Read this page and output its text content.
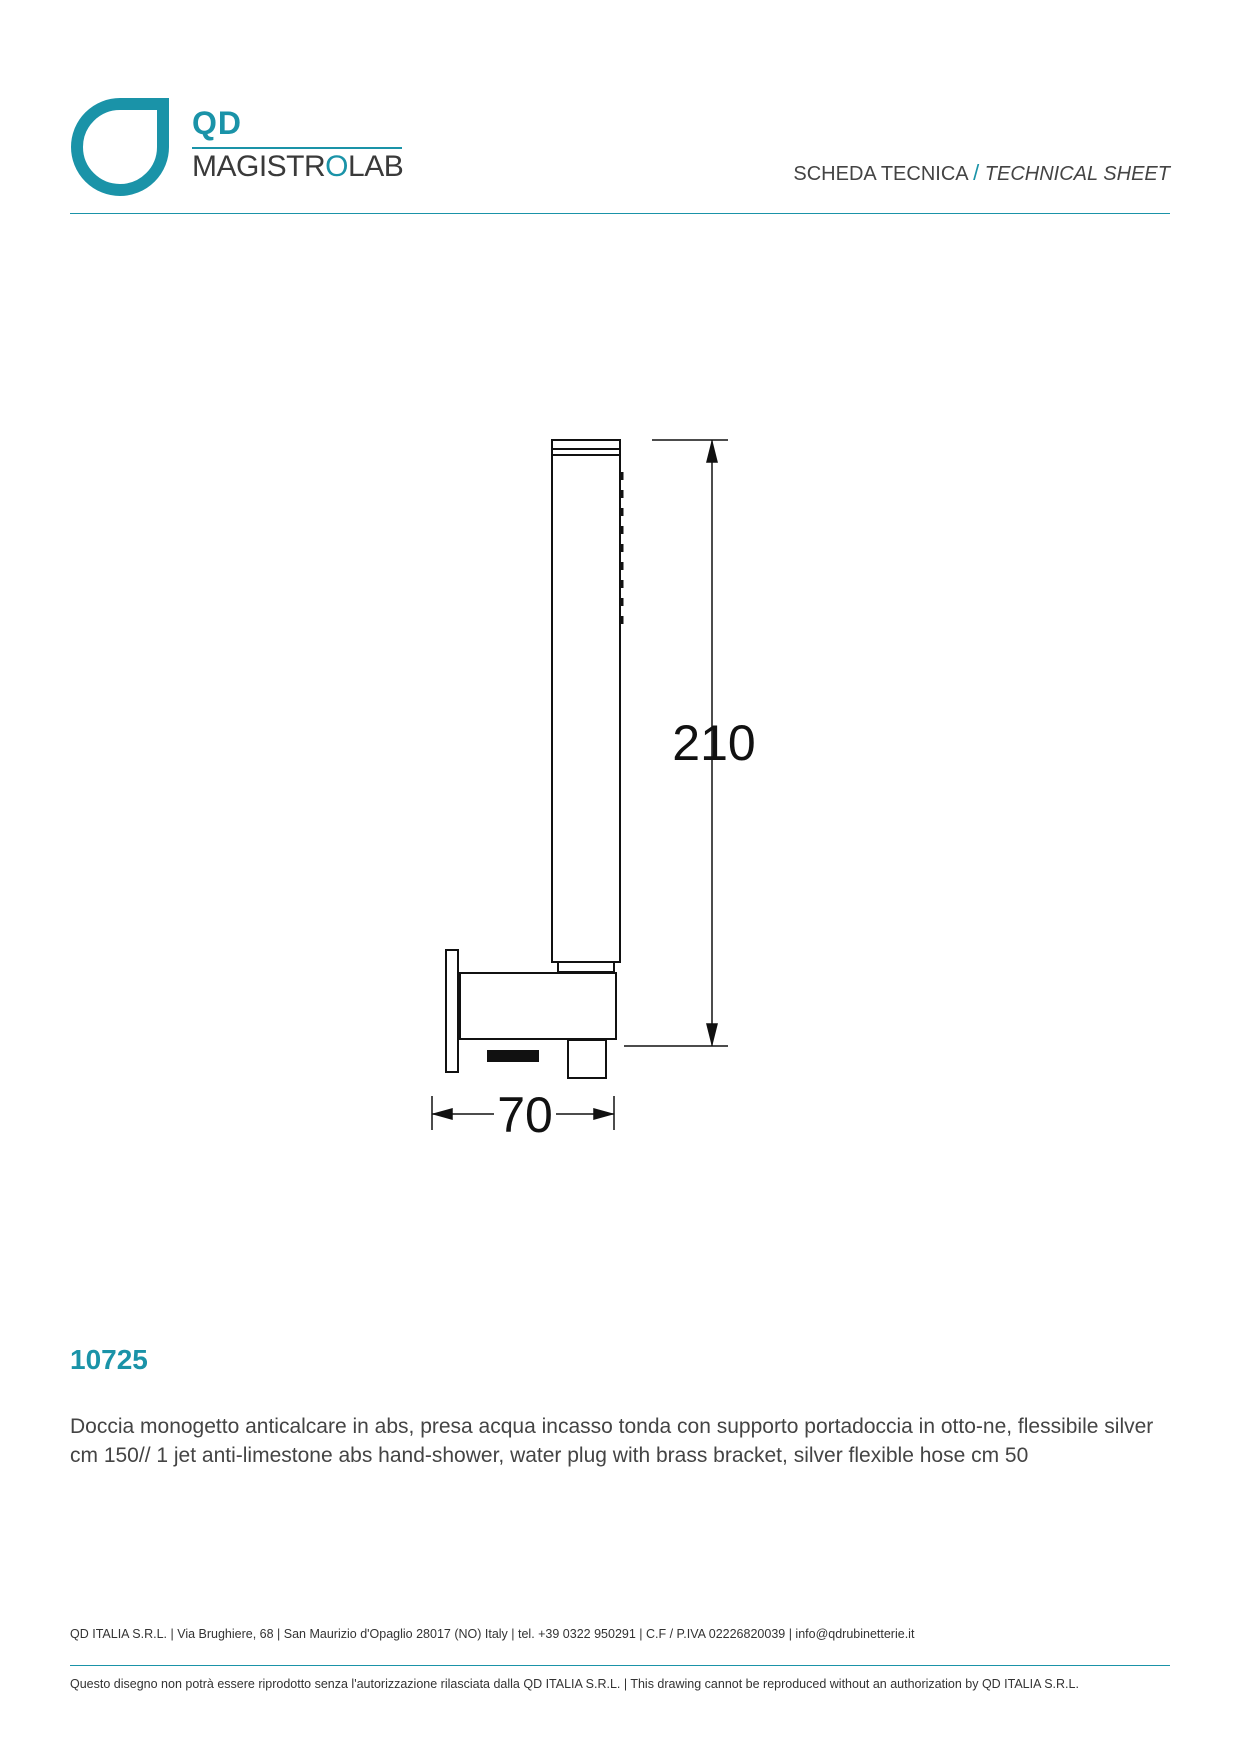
QD
MAGISTROLAB	SCHEDA TECNICA / TECHNICAL SHEET
210
70
10725
Doccia monogetto anticalcare in abs, presa acqua incasso tonda con supporto portadoccia in otto-ne, flessibile silver cm 150// 1 jet anti-limestone abs hand-shower, water plug with brass bracket, silver flexible hose cm 50
QD ITALIA S.R.L. | Via Brughiere, 68 | San Maurizio d'Opaglio 28017 (NO) Italy | tel. +39 0322 950291 | C.F / P.IVA 02226820039 | info@qdrubinetterie.it
Questo disegno non potrà essere riprodotto senza l'autorizzazione rilasciata dalla QD ITALIA S.R.L. | This drawing cannot be reproduced without an authorization by QD ITALIA S.R.L.
